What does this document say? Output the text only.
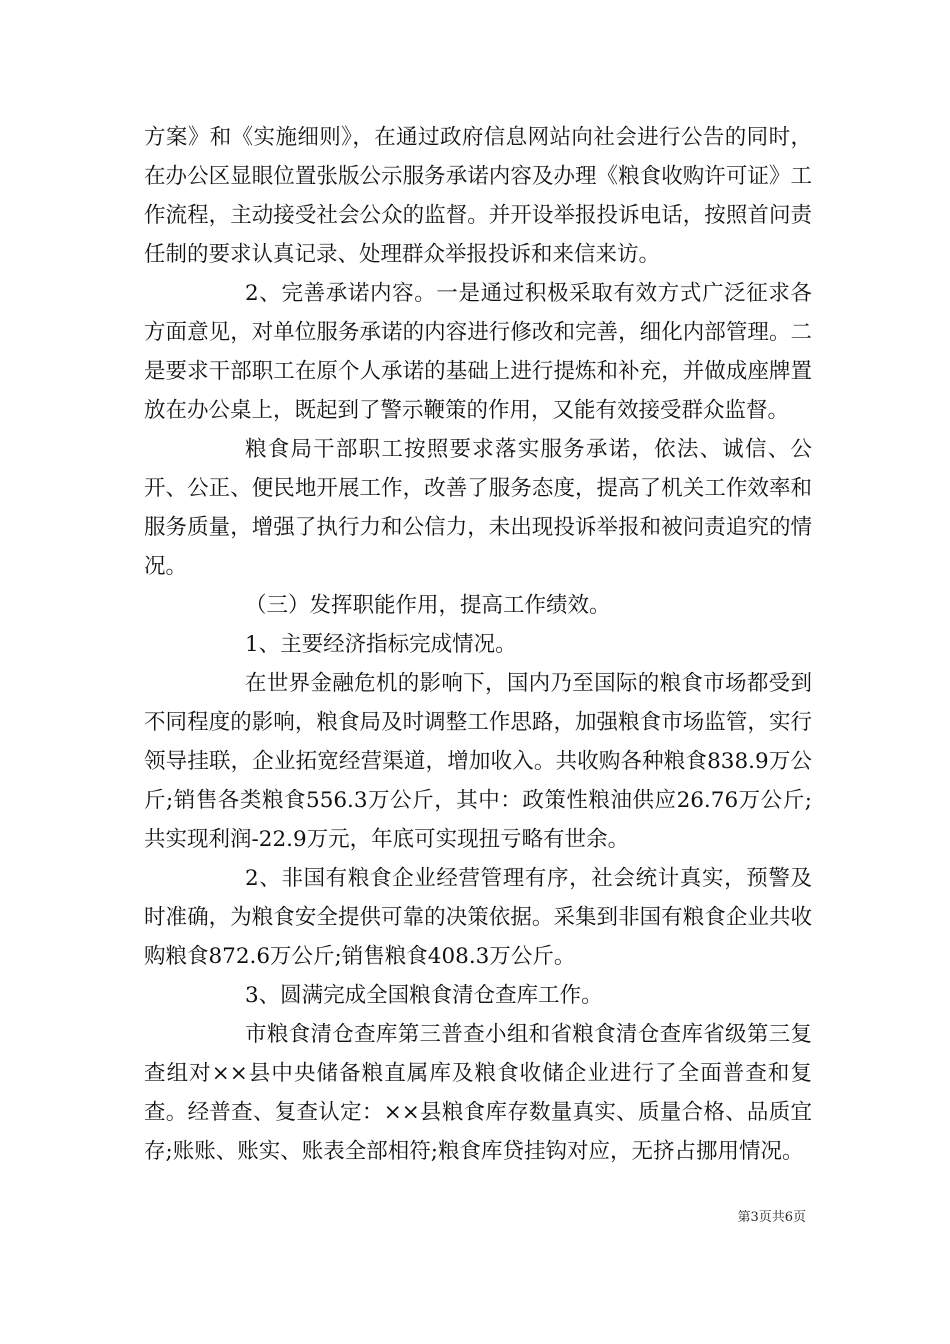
方案》和《实施细则》，在通过政府信息网站向社会进行公告的同时，在办公区显眼位置张版公示服务承诺内容及办理《粮食收购许可证》工作流程，主动接受社会公众的监督。并开设举报投诉电话，按照首问责任制的要求认真记录、处理群众举报投诉和来信来访。

2、完善承诺内容。一是通过积极采取有效方式广泛征求各方面意见，对单位服务承诺的内容进行修改和完善，细化内部管理。二是要求干部职工在原个人承诺的基础上进行提炼和补充，并做成座牌置放在办公桌上，既起到了警示鞭策的作用，又能有效接受群众监督。

粮食局干部职工按照要求落实服务承诺，依法、诚信、公开、公正、便民地开展工作，改善了服务态度，提高了机关工作效率和服务质量，增强了执行力和公信力，未出现投诉举报和被问责追究的情况。

（三）发挥职能作用，提高工作绩效。

1、主要经济指标完成情况。

在世界金融危机的影响下，国内乃至国际的粮食市场都受到不同程度的影响，粮食局及时调整工作思路，加强粮食市场监管，实行领导挂联，企业拓宽经营渠道，增加收入。共收购各种粮食838.9万公斤;销售各类粮食556.3万公斤，其中：政策性粮油供应26.76万公斤;共实现利润-22.9万元，年底可实现扭亏略有世余。

2、非国有粮食企业经营管理有序，社会统计真实，预警及时准确，为粮食安全提供可靠的决策依据。采集到非国有粮食企业共收购粮食872.6万公斤;销售粮食408.3万公斤。

3、圆满完成全国粮食清仓查库工作。

市粮食清仓查库第三普查小组和省粮食清仓查库省级第三复查组对××县中央储备粮直属库及粮食收储企业进行了全面普查和复查。经普查、复查认定：××县粮食库存数量真实、质量合格、品质宜存;账账、账实、账表全部相符;粮食库贷挂钩对应，无挤占挪用情况。

第3页共6页
